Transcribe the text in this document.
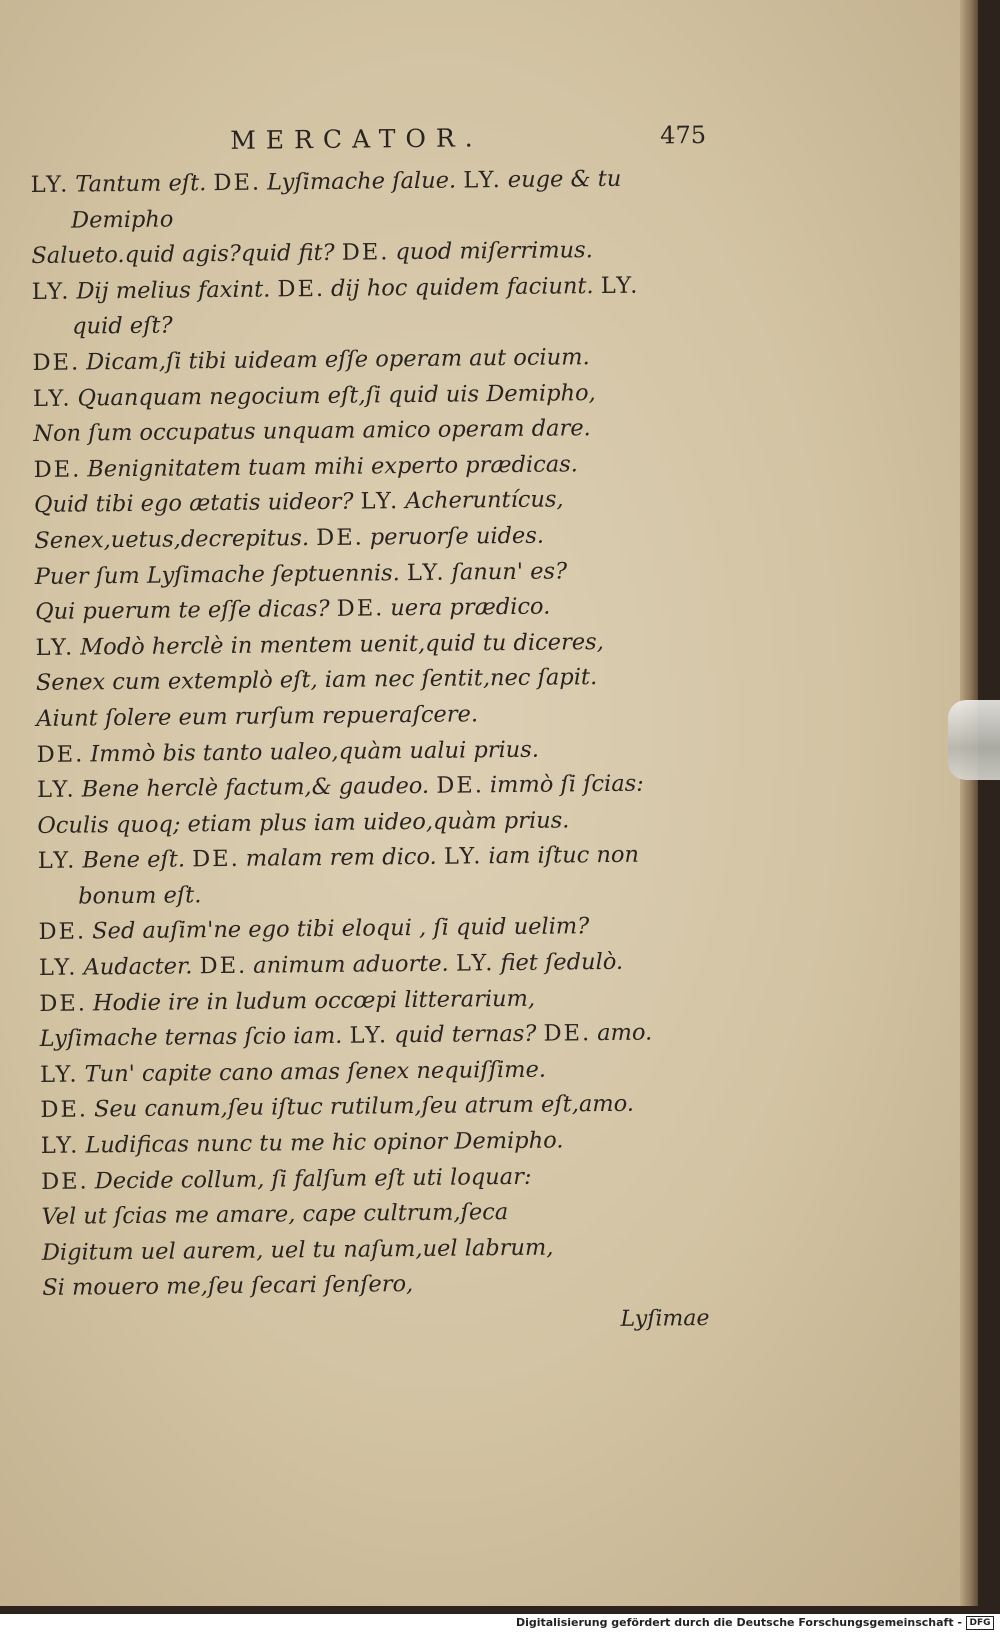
MERCATOR.	475
LY. Tantum eſt. DE. Lyſimache ſalue. LY. euge & tu
Demipho
Salueto.quid agis?quid fit? DE. quod miſerrimus.
LY. Dij melius faxint. DE. dij hoc quidem faciunt. LY.
quid eſt?
DE. Dicam,ſi tibi uideam eſſe operam aut ocium.
LY. Quanquam negocium eſt,ſi quid uis Demipho,
Non ſum occupatus unquam amico operam dare.
DE. Benignitatem tuam mihi experto prædicas.
Quid tibi ego ætatis uideor? LY. Acheruntícus,
Senex,uetus,decrepitus. DE. peruorſe uides.
Puer ſum Lyſimache ſeptuennis. LY. ſanun' es?
Qui puerum te eſſe dicas? DE. uera prædico.
LY. Modò herclè in mentem uenit,quid tu diceres,
Senex cum extemplò eſt, iam nec ſentit,nec ſapit.
Aiunt ſolere eum rurſum repueraſcere.
DE. Immò bis tanto ualeo,quàm ualui prius.
LY. Bene herclè factum,& gaudeo. DE. immò ſi ſcias:
Oculis quoq; etiam plus iam uideo,quàm prius.
LY. Bene eſt. DE. malam rem dico. LY. iam iſtuc non
bonum eſt.
DE. Sed auſim'ne ego tibi eloqui , ſi quid uelim?
LY. Audacter. DE. animum aduorte. LY. fiet ſedulò.
DE. Hodie ire in ludum occœpi litterarium,
Lyſimache ternas ſcio iam. LY. quid ternas? DE. amo.
LY. Tun' capite cano amas ſenex nequiſſime.
DE. Seu canum,ſeu iſtuc rutilum,ſeu atrum eſt,amo.
LY. Ludificas nunc tu me hic opinor Demipho.
DE. Decide collum, ſi falſum eſt uti loquar:
Vel ut ſcias me amare, cape cultrum,ſeca
Digitum uel aurem, uel tu naſum,uel labrum,
Si mouero me,ſeu ſecari ſenſero,
Lyſimae
Digitalisierung gefördert durch die Deutsche Forschungsgemeinschaft - DFG
